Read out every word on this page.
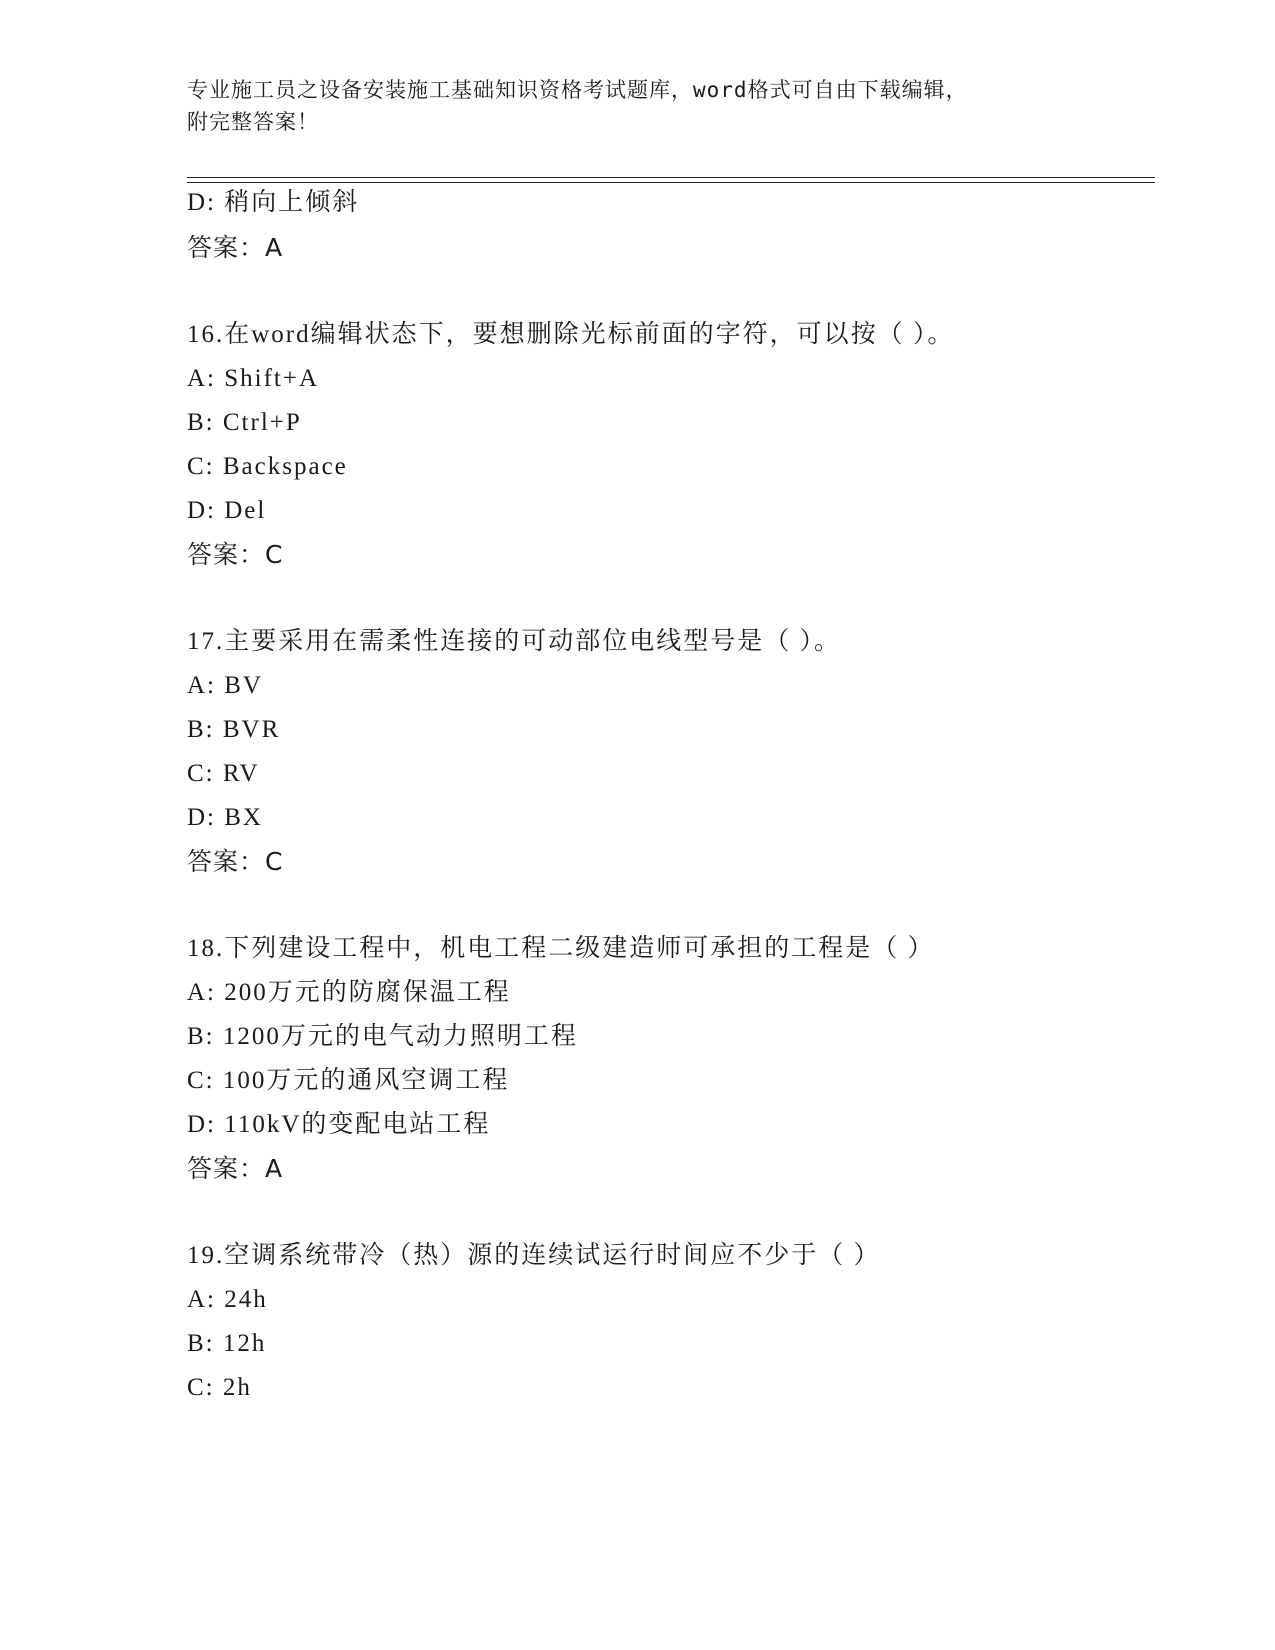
专业施工员之设备安装施工基础知识资格考试题库，word格式可自由下载编辑，
附完整答案！
D: 稍向上倾斜
答案：A
16.在word编辑状态下，要想删除光标前面的字符，可以按（ ）。
A: Shift+A
B: Ctrl+P
C: Backspace
D: Del
答案：C
17.主要采用在需柔性连接的可动部位电线型号是（ ）。
A: BV
B: BVR
C: RV
D: BX
答案：C
18.下列建设工程中，机电工程二级建造师可承担的工程是（ ）
A: 200万元的防腐保温工程
B: 1200万元的电气动力照明工程
C: 100万元的通风空调工程
D: 110kV的变配电站工程
答案：A
19.空调系统带冷（热）源的连续试运行时间应不少于（ ）
A: 24h
B: 12h
C: 2h
